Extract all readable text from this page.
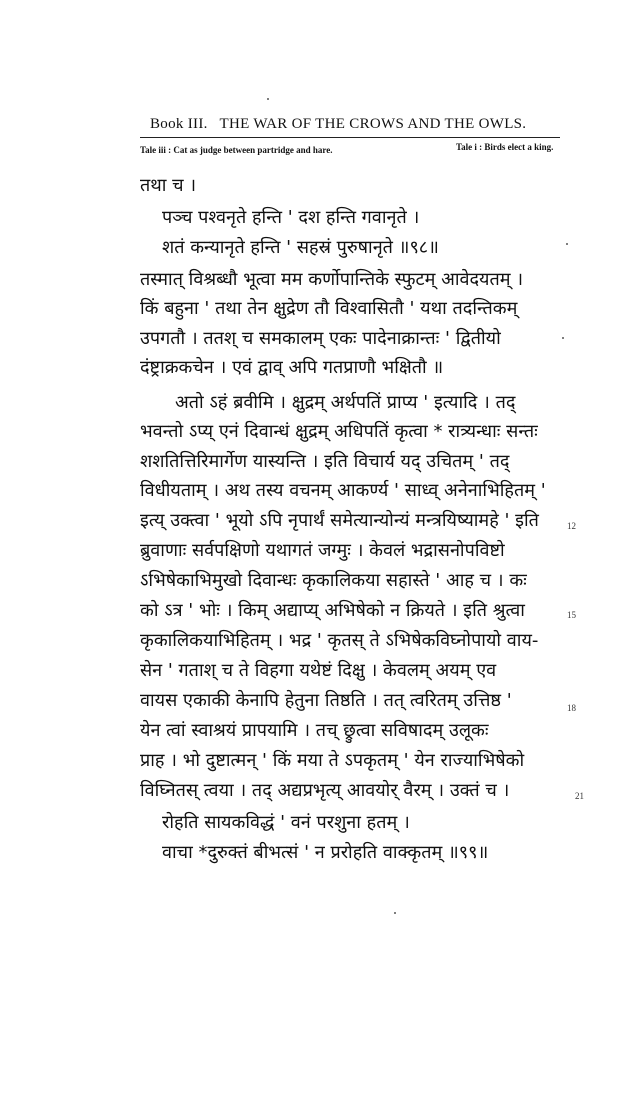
Book III. THE WAR OF THE CROWS AND THE OWLS.
Tale iii : Cat as judge between partridge and hare.	Tale i : Birds elect a king.
तथा च ।
पञ्च पश्वनृते हन्ति ' दश हन्ति गवानृते ।
शतं कन्यानृते हन्ति ' सहस्रं पुरुषानृते ॥९८॥
तस्मात् विश्रब्धौ भूत्वा मम कर्णोपान्तिके स्फुटम् आवेदयतम् ।
किं बहुना ' तथा तेन क्षुद्रेण तौ विश्वासितौ ' यथा तदन्तिकम्
उपगतौ । ततश् च समकालम् एकः पादेनाक्रान्तः ' द्वितीयो
दंष्ट्राक्रकचेन । एवं द्वाव् अपि गतप्राणौ भक्षितौ ॥
अतो ऽहं ब्रवीमि । क्षुद्रम् अर्थपतिं प्राप्य ' इत्यादि । तद्
भवन्तो ऽप्य् एनं दिवान्धं क्षुद्रम् अधिपतिं कृत्वा * रात्र्यन्धाः सन्तः
शशतित्तिरिमार्गेण यास्यन्ति । इति विचार्य यद् उचितम् ' तद्
विधीयताम् । अथ तस्य वचनम् आकर्ण्य ' साध्व् अनेनाभिहितम् '
इत्य् उक्त्वा ' भूयो ऽपि नृपार्थं समेत्यान्योन्यं मन्त्रयिष्यामहे ' इति
ब्रुवाणाः सर्वपक्षिणो यथागतं जग्मुः । केवलं भद्रासनोपविष्टो
ऽभिषेकाभिमुखो दिवान्धः कृकालिकया सहास्ते ' आह च । कः
को ऽत्र ' भोः । किम् अद्याप्य् अभिषेको न क्रियते । इति श्रुत्वा
कृकालिकयाभिहितम् । भद्र ' कृतस् ते ऽभिषेकविघ्नोपायो वाय-
सेन ' गताश् च ते विहगा यथेष्टं दिक्षु । केवलम् अयम् एव
वायस एकाकी केनापि हेतुना तिष्ठति । तत् त्वरितम् उत्तिष्ठ '
येन त्वां स्वाश्रयं प्रापयामि । तच् छ्रुत्वा सविषादम् उलूकः
प्राह । भो दुष्टात्मन् ' किं मया ते ऽपकृतम् ' येन राज्याभिषेको
विघ्नितस् त्वया । तद् अद्यप्रभृत्य् आवयोर् वैरम् । उक्तं च ।
रोहति सायकविद्धं ' वनं परशुना हतम् ।
वाचा *दुरुक्तं बीभत्सं ' न प्ररोहति वाक्कृतम् ॥९९॥
12
15
18
21
